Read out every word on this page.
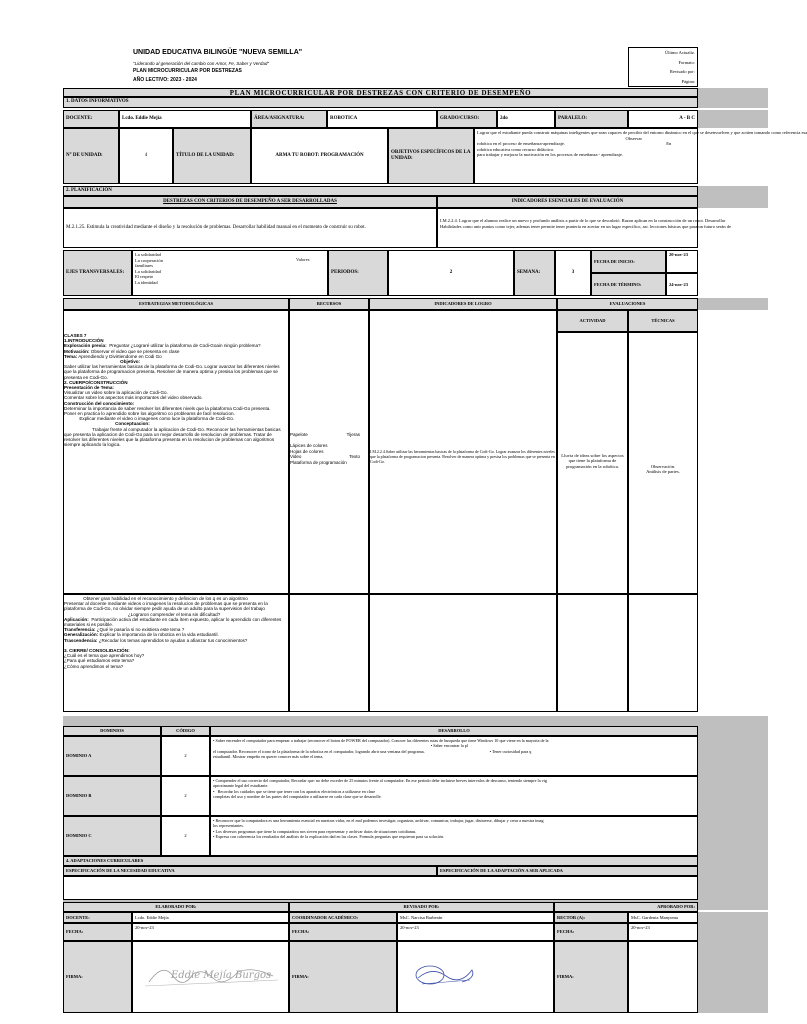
UNIDAD EDUCATIVA BILINGÜE "NUEVA SEMILLA"
"Liderando al generación del cambio con Amor, Fe, Saber y Verdad"
PLAN MICROCURRICULAR POR DESTREZAS
AÑO LECTIVO: 2023 - 2024
Último Actualiz.
Formato:
Revisado por:
Página:
PLAN MICROCURRICULAR POR DESTREZAS CON CRITERIO DE DESEMPEÑO
1. DATOS INFORMATIVOS
DOCENTE:	Lcdo. Eddie Mejía	ÁREA/ASIGNATURA:	ROBOTICA	GRADO/CURSO:	2do	PARALELO:	A - B C
N° DE UNIDAD:	4	TÍTULO DE LA UNIDAD:	ARMA TU ROBOT: PROGRAMACIÓN
OBJETIVOS ESPECÍFICOS DE LA UNIDAD:
Lograr que el estudiante pueda construir máquinas inteligentes que sean capaces de percibir del entorno dinámico en el que se desenvuelven y que actúen tomando como referencia esa
Observar
robótica en el proceso de enseñanza-aprendizaje.                                                                                          En
robótica educativa como recurso didáctico.
para trabajar y mejorar la motivación en los procesos de enseñanza - aprendizaje.
2. PLANIFICACIÓN
DESTREZAS CON CRITERIOS DE DESEMPEÑO A SER DESARROLLADAS	INDICADORES ESENCIALES DE EVALUACIÓN
M.2.1.25. Estimula la creatividad mediante el diseño y la resolución de problemas. Desarrollar habilidad manual en el momento de construir su robot.
I.M.2.2.4. Lograr que el alumno realice un nuevo y profundo análisis a partir de lo que se descubrió. Razon aplican en la construcción de un robot. Desarrollar Habilidades como unir puntos como tejer, ademas tener permite tener puntería en acertar en un lugar especifico, asi. lecciones básicas que para un futuro serán de
EJES TRANSVERSALES:
La solidaridad
La cooperación
familiares
La solidaridad
El respeto
La identidad
Valores
PERIODOS:	2	SEMANA:	3
FECHA DE INICIO:
20-nov-23
FECHA DE TÉRMINO:	24-nov-23
ESTRATEGIAS METODOLÓGICAS	RECURSOS	INDICADORES DE LOGRO	EVALUACIONES
ACTIVIDAD	TÉCNICAS
CLASES 7
1.INTRODUCCIÓN
Exploración previa:  Preguntar ¿Lograré utilizar la plataforma de Codi-Goain ningún problema?
Motivación: Observar el video que se presenta en clase
Tema: Aprendiendo y Divirtiendome en Codi Go
Objetivo:
Saber utilizar las herramientas basicas de la plataforma de Codi-Go. Lograr avanzar los diferentes niveles que la plataforma de programacion presenta. Resolver de manera optima y presisa los problemas que se presenta en Codi-Go.
2. CUERPO/CONSTRUCCIÓN
Presentación de Tema:
Visualizar un video sobre la aplicación de Codi-Go.
Comentar sobre los aspectos más importantes del video observado.
Construcción del conocimiento:
Determinar la importancia de saber resolver los diferentes nivels que la plataforma Codi-Go presenta.
Poner en practica lo aprendido sobre los algoritmo co probleams de facil resolucion.
Explicar mediante el video o imagenes como luce la plataforma de Codi-Go.
Conceptuacion:
Trabajar frente al computador la aplicacion de Codi-Go. Reconocer las herramientas basicas que presenta la aplicacion de Codi-Go para un mejor desarrollo de resolucion de problemas. Tratar de resolver los diferentes niveles que la plataforma presenta en la resolucion de problemas con algoritmos siempre aplicando la logica.
Papelote	Tijeras
Lápices de colores
Hojas de colores
Video	Texto
Plataforma de programación
I.M.2.2.4.Saber utilizar las herramientas basicas de la plataforma de Codi-Go. Lograr avanzar los diferentes niveles que la plataforma de programacion presenta. Resolver de manera optima y presisa los problemas que se presenta en Codi-Go.
Lluvia de ideas sobre los aspectos que tiene la plataforma de programación en la robótica.	Observación.
Análisis de partes.
Obtener gran habilidad en el reconocimiento y definicion de los q es un algoritmo                                                            Presentar al docente mediante videos o imagenes la resolucion de problemas que se presenta en la plataforma de Codi-Go, no olvidar siempre pedir ayuda de un adulto para la supervision del trabajo
¿Lograron comprender el tema sin dificultad?
Aplicación:  Participación activa del estudiante en cada ítem expuesto, aplicar lo aprendido con diferentes materiales si es posible.
Transferencia: ¿Qué le pasaría si no existiera este tema ?
Generalización: Explicar la importancia de la robotica en la vida estudiantil.
Trascendencia: ¿Recodar los temas aprendidos te ayudan a afianzar tus conocimientos?

3. CIERRE/ CONSOLIDACIÓN:
¿Cuál es el tema que aprendimos hoy?
¿Para qué estudiamos este tema?
¿Cómo aprendimos el tema?
DOMINIOS	CÓDIGO	DESARROLLO
DOMINIO A	2
• Saber encender el computador para empezar a trabajar (reconocer el boton de POWER del computador). Conocer las diferentes rutas de busqueda que tiene Windows 10 que viene en la mayoria de la
• Saber encontrar la pl
el computador. Reconocer el icono de la plataforma de la robotica en el computador, logrando abrir una ventana del programa.                                                              • Tener curiosidad para q
estudiantil. Mostrar empeño en querer conocer más sobre el tema.
DOMINIO B	2
• Comprender el uso correcto del computador, Recordar que: no debe exceder de 25 minutos frente al computador. En ese período debe incluirse breves intervalos de descanso, teniendo siempre la vig
aproximante legal del estudiante.
•   Recordar los cuidados que se tiene que tener con los aparatos electrónicos a utilizarse en clase
completas del uso y nombre de las partes del computador a utilizarse en cada clase que se desarrolle.
DOMINIO C	2
• Reconocer que la computadora es una herramienta esencial en nuestras vidas, en el mal podemos investigar, organizar, archivar, comunicar, trabajar, jugar, distraerse, dibujar y crear a nuestra imag
los representantes.
• Los diversos programas que tiene la computadora nos sirven para representar y archivar datos de situaciones cotidianas.
• Expresa con coherencia los resultados del análisis de la explicación dad en las clases. Formula preguntas que requieran para su solución.
4. ADAPTACIONES CURRICULARES
ESPECIFICACIÓN DE LA NECESIDAD EDUCATIVA	ESPECIFICACIÓN DE LA ADAPTACIÓN A SER APLICADA
ELABORADO POR:	REVISADO POR:	APROBADO POR:
DOCENTE:	Lcdo. Eddie Mejía	COORDINADOR ACADÉMICO:	MsC. Narcisa Barberán	RECTOR (A):	MsC. Gardenia Manyoma
FECHA:
20-nov-23
FECHA:
20-nov-23
FECHA:
20-nov-23
FIRMA:	Eddie Mejía Burgos	FIRMA:	FIRMA:
